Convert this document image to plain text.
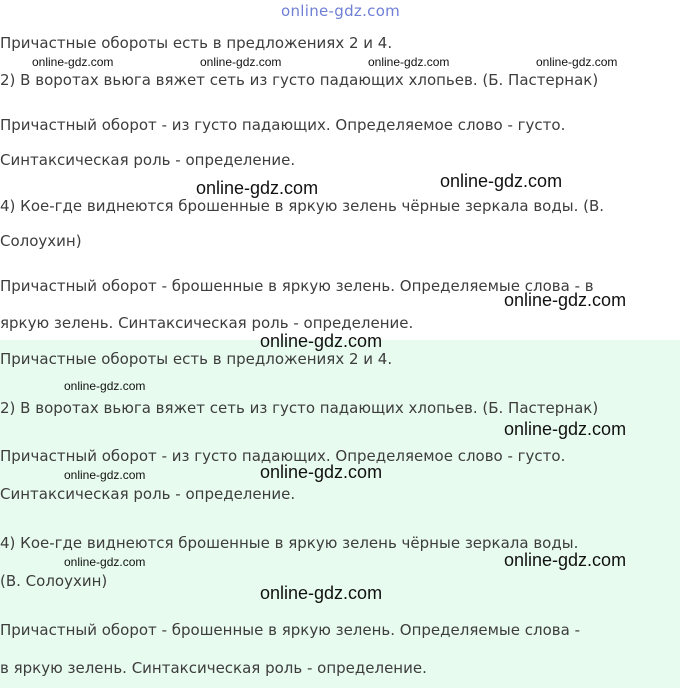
online-gdz.com
Причастные обороты есть в предложениях 2 и 4.
2) В воротах вьюга вяжет сеть из густо падающих хлопьев. (Б. Пастернак)
Причастный оборот - из густо падающих. Определяемое слово - густо.
Синтаксическая роль - определение.
4) Кое-где виднеются брошенные в яркую зелень чёрные зеркала воды. (В.
Солоухин)
Причастный оборот - брошенные в яркую зелень. Определяемые слова - в
яркую зелень. Синтаксическая роль - определение.
Причастные обороты есть в предложениях 2 и 4.
2) В воротах вьюга вяжет сеть из густо падающих хлопьев. (Б. Пастернак)
Причастный оборот - из густо падающих. Определяемое слово - густо.
Синтаксическая роль - определение.
4) Кое-где виднеются брошенные в яркую зелень чёрные зеркала воды.
(В. Солоухин)
Причастный оборот - брошенные в яркую зелень. Определяемые слова -
в яркую зелень. Синтаксическая роль - определение.
online-gdz.com	online-gdz.com	online-gdz.com	online-gdz.com
online-gdz.com
online-gdz.com
online-gdz.com
online-gdz.com	online-gdz.com
online-gdz.com
online-gdz.com
online-gdz.com
online-gdz.com
online-gdz.com
online-gdz.com
